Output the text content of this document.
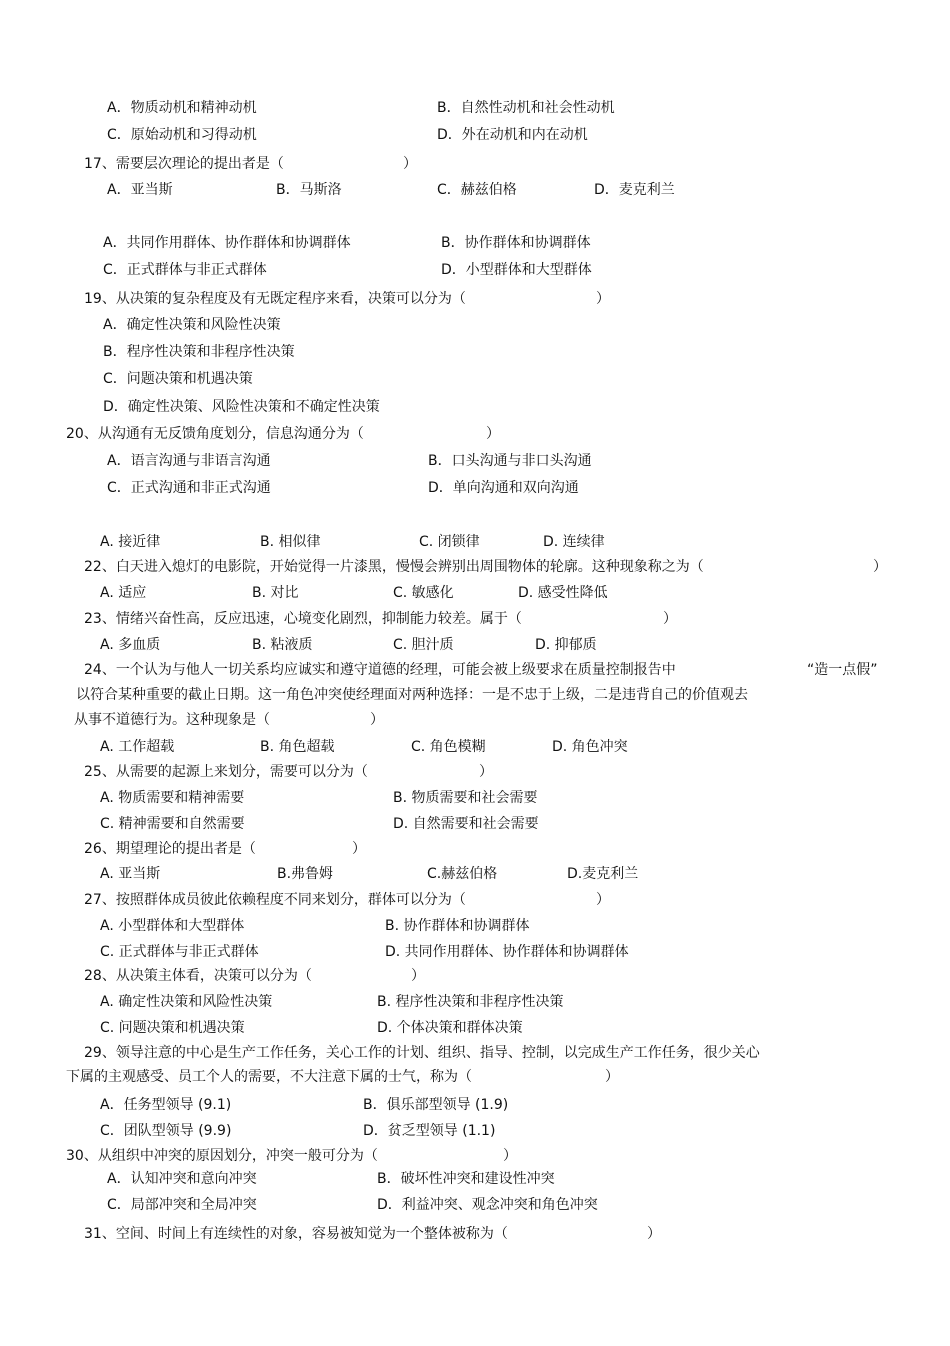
A．物质动机和精神动机	B．自然性动机和社会性动机
C．原始动机和习得动机	D．外在动机和内在动机
17、需要层次理论的提出者是（	）
A．亚当斯	B．马斯洛	C．赫兹伯格	D．麦克利兰
A．共同作用群体、协作群体和协调群体	B．协作群体和协调群体
C．正式群体与非正式群体	D．小型群体和大型群体
19、从决策的复杂程度及有无既定程序来看，决策可以分为（	）
A．确定性决策和风险性决策
B．程序性决策和非程序性决策
C．问题决策和机遇决策
D．确定性决策、风险性决策和不确定性决策
20、从沟通有无反馈角度划分，信息沟通分为（	）
A．语言沟通与非语言沟通	B．口头沟通与非口头沟通
C．正式沟通和非正式沟通	D．单向沟通和双向沟通
A. 接近律	B. 相似律	C. 闭锁律	D. 连续律
22、白天进入熄灯的电影院，开始觉得一片漆黑，慢慢会辨别出周围物体的轮廓。这种现象称之为（	）
A. 适应	B. 对比	C. 敏感化	D. 感受性降低
23、情绪兴奋性高，反应迅速，心境变化剧烈，抑制能力较差。属于（	）
A. 多血质	B. 粘液质	C. 胆汁质	D. 抑郁质
24、一个认为与他人一切关系均应诚实和遵守道德的经理，可能会被上级要求在质量控制报告中	“造一点假”
以符合某种重要的截止日期。这一角色冲突使经理面对两种选择：一是不忠于上级，二是违背自己的价值观去
从事不道德行为。这种现象是（	）
A. 工作超载	B. 角色超载	C. 角色模糊	D. 角色冲突
25、从需要的起源上来划分，需要可以分为（	）
A. 物质需要和精神需要	B. 物质需要和社会需要
C. 精神需要和自然需要	D. 自然需要和社会需要
26、期望理论的提出者是（	）
A. 亚当斯	B.弗鲁姆	C.赫兹伯格	D.麦克利兰
27、按照群体成员彼此依赖程度不同来划分，群体可以分为（	）
A. 小型群体和大型群体	B. 协作群体和协调群体
C. 正式群体与非正式群体	D. 共同作用群体、协作群体和协调群体
28、从决策主体看，决策可以分为（	）
A. 确定性决策和风险性决策	B. 程序性决策和非程序性决策
C. 问题决策和机遇决策	D. 个体决策和群体决策
29、领导注意的中心是生产工作任务，关心工作的计划、组织、指导、控制，以完成生产工作任务，很少关心
下属的主观感受、员工个人的需要，不大注意下属的士气，称为（	）
A．任务型领导 (9.1)	B．俱乐部型领导 (1.9)
C．团队型领导 (9.9)	D．贫乏型领导 (1.1)
30、从组织中冲突的原因划分，冲突一般可分为（	）
A．认知冲突和意向冲突	B．破坏性冲突和建设性冲突
C．局部冲突和全局冲突	D．利益冲突、观念冲突和角色冲突
31、空间、时间上有连续性的对象，容易被知觉为一个整体被称为（	）
